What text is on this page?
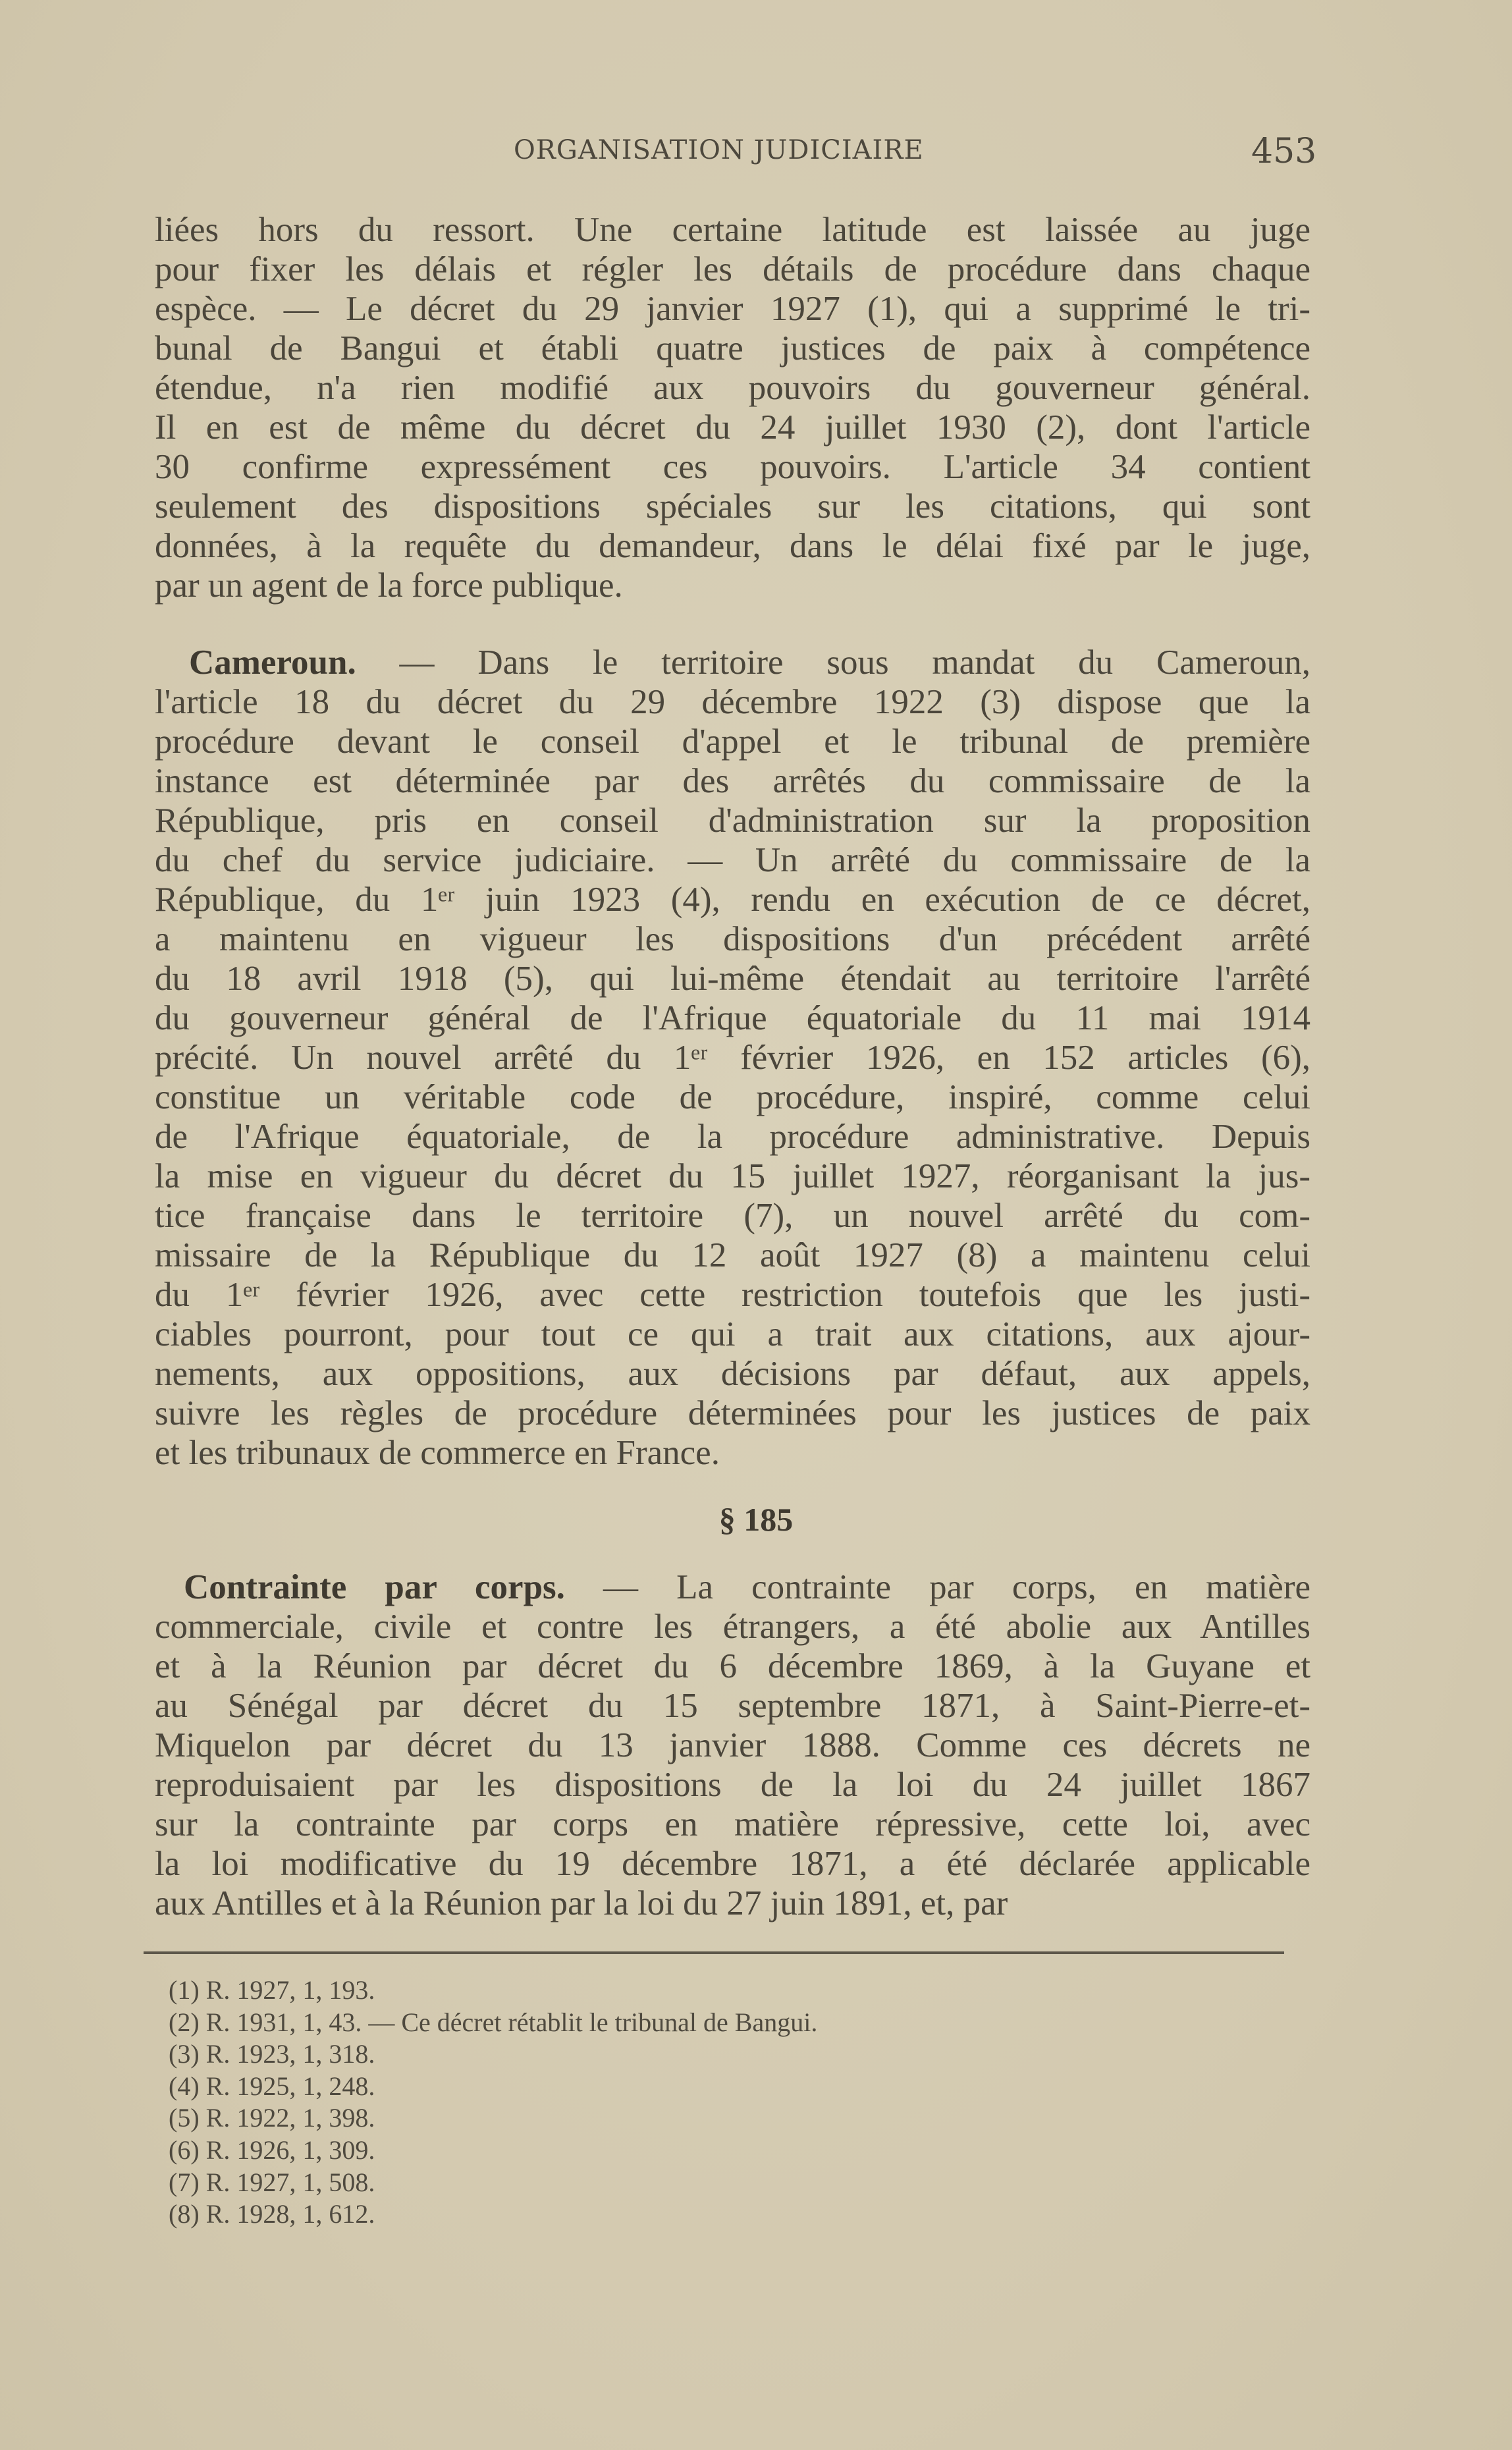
ORGANISATION JUDICIAIRE	453
liées hors du ressort. Une certaine latitude est laissée au juge
pour fixer les délais et régler les détails de procédure dans chaque
espèce. — Le décret du 29 janvier 1927 (1), qui a supprimé le tri-
bunal de Bangui et établi quatre justices de paix à compétence
étendue, n'a rien modifié aux pouvoirs du gouverneur général.
Il en est de même du décret du 24 juillet 1930 (2), dont l'article
30 confirme expressément ces pouvoirs. L'article 34 contient
seulement des dispositions spéciales sur les citations, qui sont
données, à la requête du demandeur, dans le délai fixé par le juge,
par un agent de la force publique.
Cameroun. — Dans le territoire sous mandat du Cameroun,
l'article 18 du décret du 29 décembre 1922 (3) dispose que la
procédure devant le conseil d'appel et le tribunal de première
instance est déterminée par des arrêtés du commissaire de la
République, pris en conseil d'administration sur la proposition
du chef du service judiciaire. — Un arrêté du commissaire de la
République, du 1ᵉʳ juin 1923 (4), rendu en exécution de ce décret,
a maintenu en vigueur les dispositions d'un précédent arrêté
du 18 avril 1918 (5), qui lui-même étendait au territoire l'arrêté
du gouverneur général de l'Afrique équatoriale du 11 mai 1914
précité. Un nouvel arrêté du 1ᵉʳ février 1926, en 152 articles (6),
constitue un véritable code de procédure, inspiré, comme celui
de l'Afrique équatoriale, de la procédure administrative. Depuis
la mise en vigueur du décret du 15 juillet 1927, réorganisant la jus-
tice française dans le territoire (7), un nouvel arrêté du com-
missaire de la République du 12 août 1927 (8) a maintenu celui
du 1ᵉʳ février 1926, avec cette restriction toutefois que les justi-
ciables pourront, pour tout ce qui a trait aux citations, aux ajour-
nements, aux oppositions, aux décisions par défaut, aux appels,
suivre les règles de procédure déterminées pour les justices de paix
et les tribunaux de commerce en France.
§ 185
Contrainte par corps. — La contrainte par corps, en matière
commerciale, civile et contre les étrangers, a été abolie aux Antilles
et à la Réunion par décret du 6 décembre 1869, à la Guyane et
au Sénégal par décret du 15 septembre 1871, à Saint-Pierre-et-
Miquelon par décret du 13 janvier 1888. Comme ces décrets ne
reproduisaient par les dispositions de la loi du 24 juillet 1867
sur la contrainte par corps en matière répressive, cette loi, avec
la loi modificative du 19 décembre 1871, a été déclarée applicable
aux Antilles et à la Réunion par la loi du 27 juin 1891, et, par
(1) R. 1927, 1, 193.
(2) R. 1931, 1, 43. — Ce décret rétablit le tribunal de Bangui.
(3) R. 1923, 1, 318.
(4) R. 1925, 1, 248.
(5) R. 1922, 1, 398.
(6) R. 1926, 1, 309.
(7) R. 1927, 1, 508.
(8) R. 1928, 1, 612.
